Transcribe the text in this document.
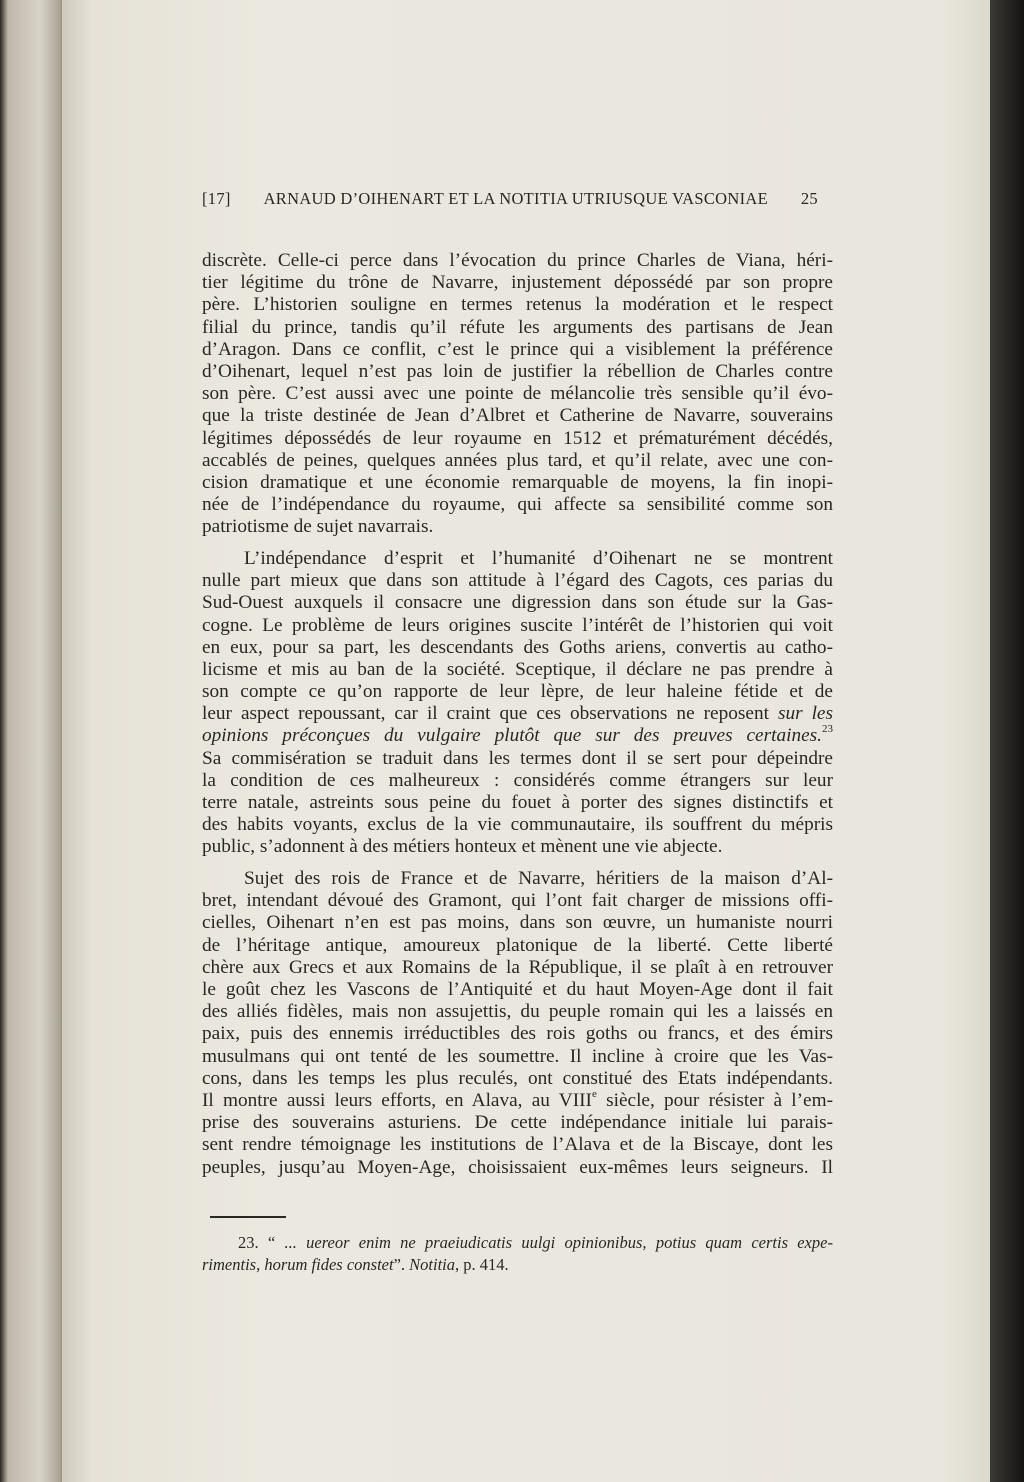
[17] ARNAUD D’OIHENART ET LA NOTITIA UTRIUSQUE VASCONIAE 25
discrète. Celle-ci perce dans l’évocation du prince Charles de Viana, héri-
tier légitime du trône de Navarre, injustement dépossédé par son propre
père. L’historien souligne en termes retenus la modération et le respect
filial du prince, tandis qu’il réfute les arguments des partisans de Jean
d’Aragon. Dans ce conflit, c’est le prince qui a visiblement la préférence
d’Oihenart, lequel n’est pas loin de justifier la rébellion de Charles contre
son père. C’est aussi avec une pointe de mélancolie très sensible qu’il évo-
que la triste destinée de Jean d’Albret et Catherine de Navarre, souverains
légitimes dépossédés de leur royaume en 1512 et prématurément décédés,
accablés de peines, quelques années plus tard, et qu’il relate, avec une con-
cision dramatique et une économie remarquable de moyens, la fin inopi-
née de l’indépendance du royaume, qui affecte sa sensibilité comme son
patriotisme de sujet navarrais.
L’indépendance d’esprit et l’humanité d’Oihenart ne se montrent
nulle part mieux que dans son attitude à l’égard des Cagots, ces parias du
Sud-Ouest auxquels il consacre une digression dans son étude sur la Gas-
cogne. Le problème de leurs origines suscite l’intérêt de l’historien qui voit
en eux, pour sa part, les descendants des Goths ariens, convertis au catho-
licisme et mis au ban de la société. Sceptique, il déclare ne pas prendre à
son compte ce qu’on rapporte de leur lèpre, de leur haleine fétide et de
leur aspect repoussant, car il craint que ces observations ne reposent sur les
opinions préconçues du vulgaire plutôt que sur des preuves certaines.$^{23}$
Sa commisération se traduit dans les termes dont il se sert pour dépeindre
la condition de ces malheureux : considérés comme étrangers sur leur
terre natale, astreints sous peine du fouet à porter des signes distinctifs et
des habits voyants, exclus de la vie communautaire, ils souffrent du mépris
public, s’adonnent à des métiers honteux et mènent une vie abjecte.
Sujet des rois de France et de Navarre, héritiers de la maison d’Al-
bret, intendant dévoué des Gramont, qui l’ont fait charger de missions offi-
cielles, Oihenart n’en est pas moins, dans son œuvre, un humaniste nourri
de l’héritage antique, amoureux platonique de la liberté. Cette liberté
chère aux Grecs et aux Romains de la République, il se plaît à en retrouver
le goût chez les Vascons de l’Antiquité et du haut Moyen-Age dont il fait
des alliés fidèles, mais non assujettis, du peuple romain qui les a laissés en
paix, puis des ennemis irréductibles des rois goths ou francs, et des émirs
musulmans qui ont tenté de les soumettre. Il incline à croire que les Vas-
cons, dans les temps les plus reculés, ont constitué des Etats indépendants.
Il montre aussi leurs efforts, en Alava, au VIIIe siècle, pour résister à l’em-
prise des souverains asturiens. De cette indépendance initiale lui parais-
sent rendre témoignage les institutions de l’Alava et de la Biscaye, dont les
peuples, jusqu’au Moyen-Age, choisissaient eux-mêmes leurs seigneurs. Il
23. “ ... uereor enim ne praeiudicatis uulgi opinionibus, potius quam certis expe-
rimentis, horum fides constet”. Notitia, p. 414.
